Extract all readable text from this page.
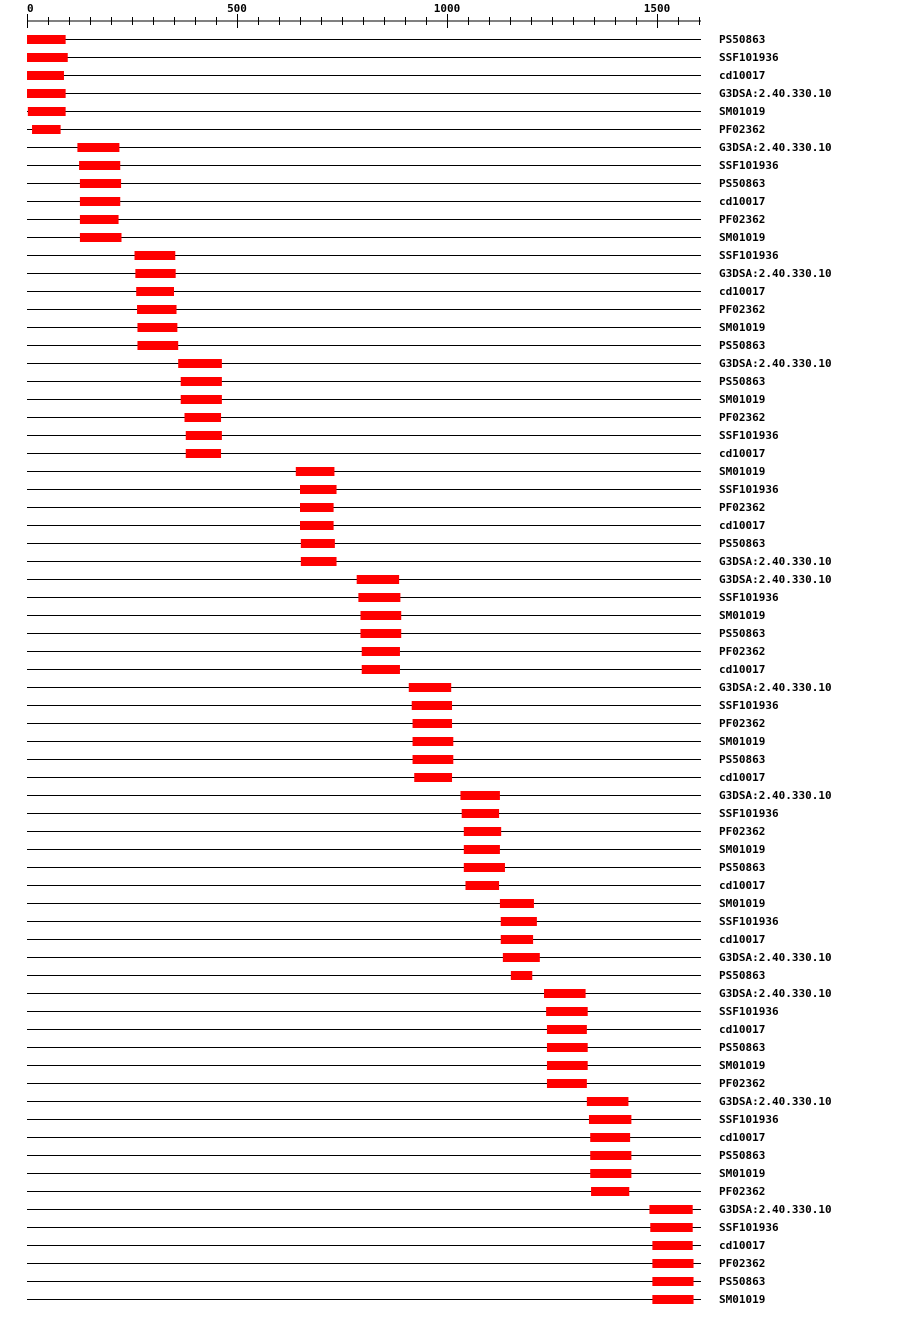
0	500	1000	1500
PS50863
SSF101936
cd10017
G3DSA:2.40.330.10
SM01019
PF02362
G3DSA:2.40.330.10
SSF101936
PS50863
cd10017
PF02362
SM01019
SSF101936
G3DSA:2.40.330.10
cd10017
PF02362
SM01019
PS50863
G3DSA:2.40.330.10
PS50863
SM01019
PF02362
SSF101936
cd10017
SM01019
SSF101936
PF02362
cd10017
PS50863
G3DSA:2.40.330.10
G3DSA:2.40.330.10
SSF101936
SM01019
PS50863
PF02362
cd10017
G3DSA:2.40.330.10
SSF101936
PF02362
SM01019
PS50863
cd10017
G3DSA:2.40.330.10
SSF101936
PF02362
SM01019
PS50863
cd10017
SM01019
SSF101936
cd10017
G3DSA:2.40.330.10
PS50863
G3DSA:2.40.330.10
SSF101936
cd10017
PS50863
SM01019
PF02362
G3DSA:2.40.330.10
SSF101936
cd10017
PS50863
SM01019
PF02362
G3DSA:2.40.330.10
SSF101936
cd10017
PF02362
PS50863
SM01019
